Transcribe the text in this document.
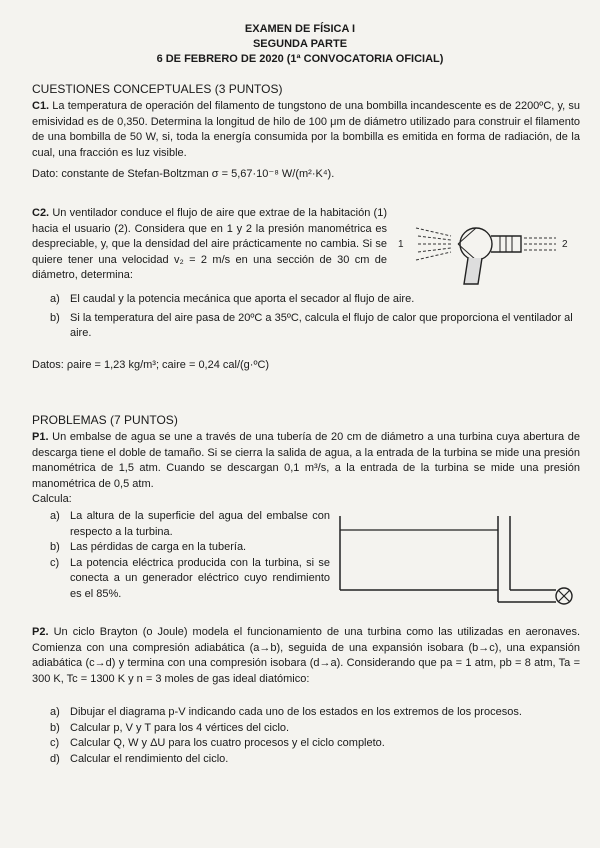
EXAMEN DE FÍSICA I
SEGUNDA PARTE
6 DE FEBRERO DE 2020 (1ª CONVOCATORIA OFICIAL)
CUESTIONES CONCEPTUALES (3 PUNTOS)
C1. La temperatura de operación del filamento de tungstono de una bombilla incandescente es de 2200ºC, y, su emisividad es de 0,350. Determina la longitud de hilo de 100 μm de diámetro utilizado para construir el filamento de una bombilla de 50 W, si, toda la energía consumida por la bombilla es emitida en forma de radiación, de la cual, una fracción es luz visible.
Dato: constante de Stefan-Boltzman σ = 5,67·10⁻⁸ W/(m²·K⁴).
C2. Un ventilador conduce el flujo de aire que extrae de la habitación (1) hacia el usuario (2). Considera que en 1 y 2 la presión manométrica es despreciable, y, que la densidad del aire prácticamente no cambia. Si se quiere tener una velocidad v₂ = 2 m/s en una sección de 30 cm de diámetro, determina:
1	2
a) El caudal y la potencia mecánica que aporta el secador al flujo de aire.
b) Si la temperatura del aire pasa de 20ºC a 35ºC, calcula el flujo de calor que proporciona el ventilador al aire.
Datos: ρaire = 1,23 kg/m³; caire = 0,24 cal/(g·ºC)
PROBLEMAS (7 PUNTOS)
P1. Un embalse de agua se une a través de una tubería de 20 cm de diámetro a una turbina cuya abertura de descarga tiene el doble de tamaño. Si se cierra la salida de agua, a la entrada de la turbina se mide una presión manométrica de 1,5 atm. Cuando se descargan 0,1 m³/s, a la entrada de la turbina se mide una presión manométrica de 0,5 atm.
Calcula:
a) La altura de la superficie del agua del embalse con respecto a la turbina.
b) Las pérdidas de carga en la tubería.
c) La potencia eléctrica producida con la turbina, si se conecta a un generador eléctrico cuyo rendimiento es el 85%.
P2. Un ciclo Brayton (o Joule) modela el funcionamiento de una turbina como las utilizadas en aeronaves. Comienza con una compresión adiabática (a→b), seguida de una expansión isobara (b→c), una expansión adiabática (c→d) y termina con una compresión isobara (d→a). Considerando que pa = 1 atm, pb = 8 atm, Ta = 300 K, Tc = 1300 K y n = 3 moles de gas ideal diatómico:
a) Dibujar el diagrama p-V indicando cada uno de los estados en los extremos de los procesos.
b) Calcular p, V y T para los 4 vértices del ciclo.
c) Calcular Q, W y ΔU para los cuatro procesos y el ciclo completo.
d) Calcular el rendimiento del ciclo.
